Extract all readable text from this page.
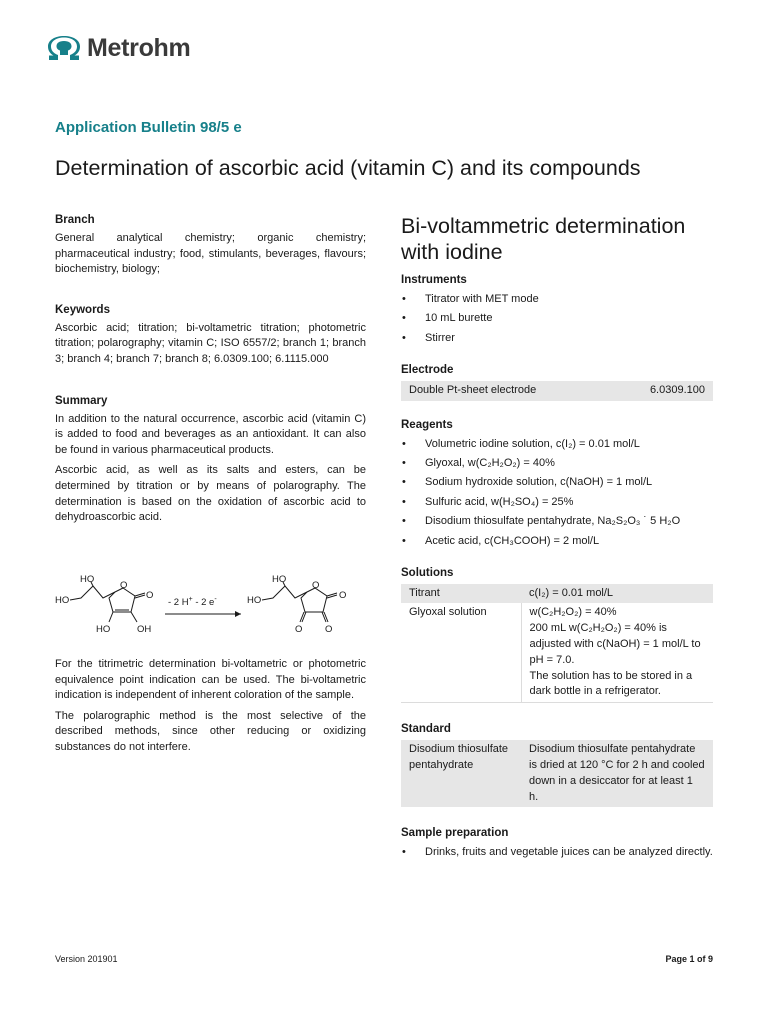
Metrohm
Application Bulletin 98/5 e
Determination of ascorbic acid (vitamin C) and its compounds
Branch

General analytical chemistry; organic chemistry; pharmaceutical industry; food, stimulants, beverages, flavours; biochemistry, biology;

Keywords

Ascorbic acid; titration; bi-voltametric titration; photometric titration; polarography; vitamin C; ISO 6557/2; branch 1; branch 3; branch 4; branch 7; branch 8; 6.0309.100; 6.1115.000

Summary

In addition to the natural occurrence, ascorbic acid (vitamin C) is added to food and beverages as an antioxidant. It can also be found in various pharmaceutical products.

Ascorbic acid, as well as its salts and esters, can be determined by titration or by means of polarography. The determination is based on the oxidation of ascorbic acid to dehydroascorbic acid.

HO
HO
O
O
HO	OH
- 2 H+ - 2 e-
HO
HO
O
O
O O

For the titrimetric determination bi-voltametric or photometric equivalence point indication can be used. The bi-voltametric indication is independent of inherent coloration of the sample.

The polarographic method is the most selective of the described methods, since other reducing or oxidizing substances do not interfere.

Bi-voltammetric determination with iodine
Instruments
• Titrator with MET mode
• 10 mL burette
• Stirrer
Electrode
Double Pt-sheet electrode	6.0309.100
Reagents
• Volumetric iodine solution, c(I₂) = 0.01 mol/L
• Glyoxal, w(C₂H₂O₂) = 40%
• Sodium hydroxide solution, c(NaOH) = 1 mol/L
• Sulfuric acid, w(H₂SO₄) = 25%
• Disodium thiosulfate pentahydrate, Na₂S₂O₃ ˙ 5 H₂O
• Acetic acid, c(CH₃COOH) = 2 mol/L
Solutions
Titrant	c(I₂) = 0.01 mol/L
Glyoxal solution	w(C₂H₂O₂) = 40%
200 mL w(C₂H₂O₂) = 40% is adjusted with c(NaOH) = 1 mol/L to pH = 7.0.
The solution has to be stored in a dark bottle in a refrigerator.
Standard
Disodium thiosulfate pentahydrate	Disodium thiosulfate pentahydrate is dried at 120 °C for 2 h and cooled down in a desiccator for at least 1 h.
Sample preparation
• Drinks, fruits and vegetable juices can be analyzed directly.
Version 201901	Page 1 of 9
